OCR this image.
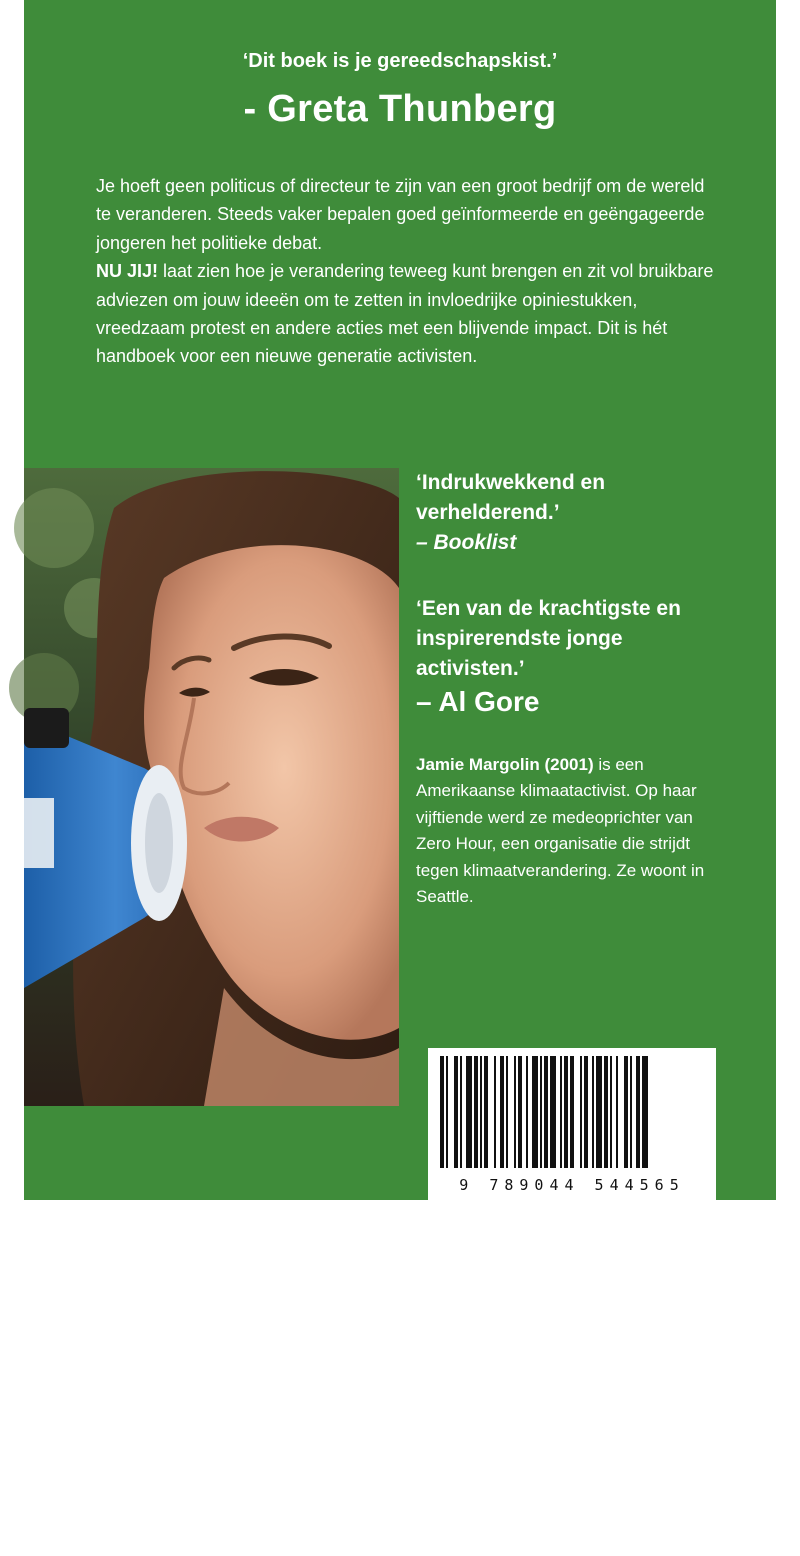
‘Dit boek is je gereedschapskist.’
- Greta Thunberg

Je hoeft geen politicus of directeur te zijn van een groot bedrijf om de wereld te veranderen. Steeds vaker bepalen goed geïnformeerde en geëngageerde jongeren het politieke debat.

NU JIJ! laat zien hoe je verandering teweeg kunt brengen en zit vol bruikbare adviezen om jouw ideeën om te zetten in invloedrijke opiniestukken, vreedzaam protest en andere acties met een blijvende impact. Dit is hét handboek voor een nieuwe generatie activisten.

© Bryant Fisher

‘Indrukwekkend en verhelderend.’

– Booklist

‘Een van de krachtigste en inspirerendste jonge activisten.’

– Al Gore

Jamie Margolin (2001) is een Amerikaanse klimaatactivist. Op haar vijftiende werd ze medeoprichter van Zero Hour, een organisatie die strijdt tegen klimaatverandering. Ze woont in Seattle.

9 789044 544565
